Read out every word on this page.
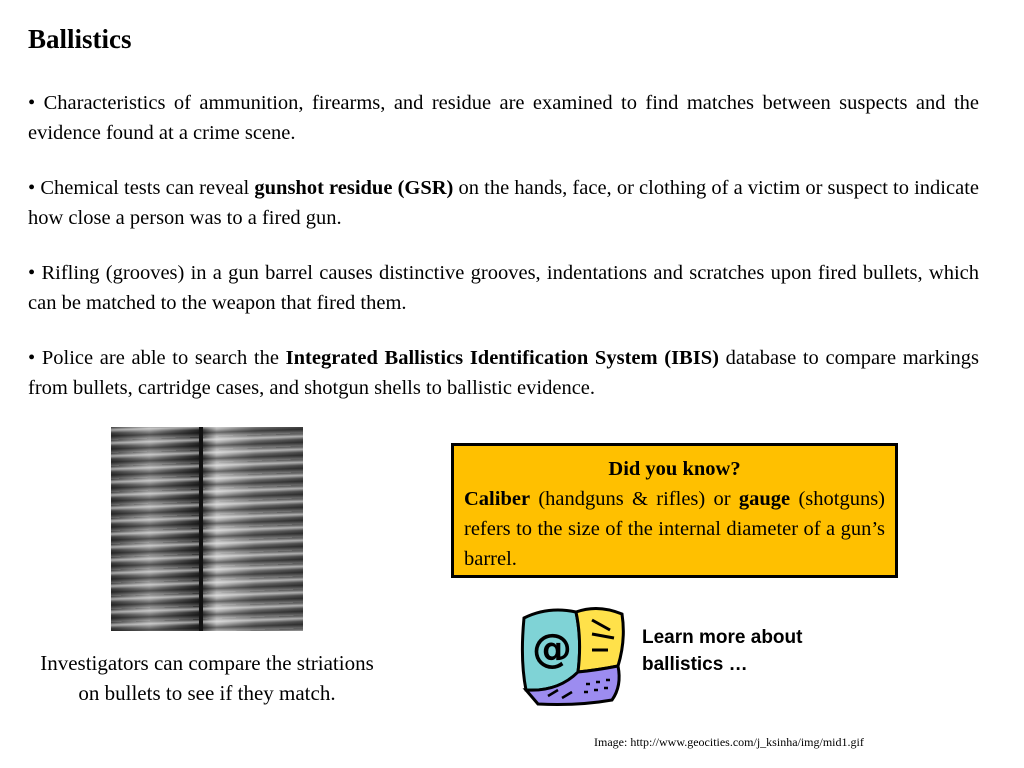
Ballistics

• Characteristics of ammunition, firearms, and residue are examined to find matches between suspects and the evidence found at a crime scene.

• Chemical tests can reveal gunshot residue (GSR) on the hands, face, or clothing of a victim or suspect to indicate how close a person was to a fired gun.

• Rifling (grooves) in a gun barrel causes distinctive grooves, indentations and scratches upon fired bullets, which can be matched to the weapon that fired them.

• Police are able to search the Integrated Ballistics Identification System (IBIS) database to compare markings from bullets, cartridge cases, and shotgun shells to ballistic evidence.

Investigators can compare the striations on bullets to see if they match.
Did you know?
Caliber (handguns & rifles) or gauge (shotguns) refers to the size of the internal diameter of a gun’s barrel.
@	Learn more about ballistics …
Image: http://www.geocities.com/j_ksinha/img/mid1.gif
